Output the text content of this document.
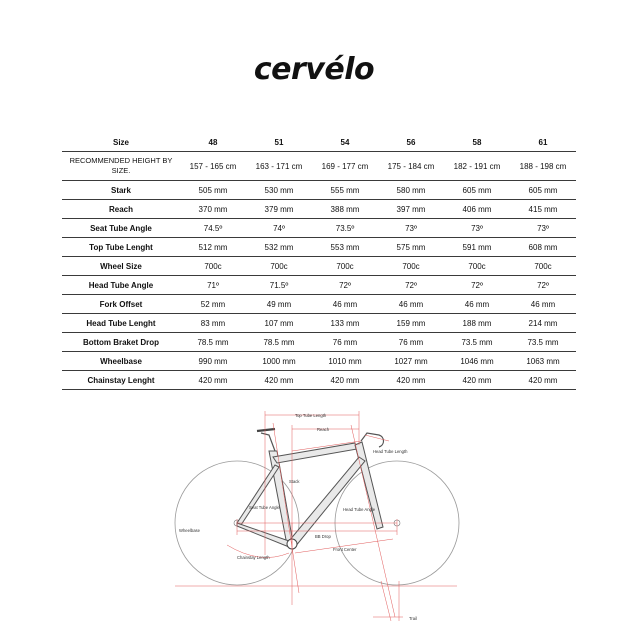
cervélo
Size	48	51	54	56	58	61
RECOMMENDED HEIGHT BY SIZE.	157 - 165 cm	163 - 171 cm	169 - 177 cm	175 - 184 cm	182 - 191 cm	188 - 198 cm
Stark	505 mm	530 mm	555 mm	580 mm	605 mm	605 mm
Reach	370 mm	379 mm	388 mm	397 mm	406 mm	415 mm
Seat Tube Angle	74.5º	74º	73.5º	73º	73º	73º
Top Tube Lenght	512 mm	532 mm	553 mm	575 mm	591 mm	608 mm
Wheel Size	700c	700c	700c	700c	700c	700c
Head Tube Angle	71º	71.5º	72º	72º	72º	72º
Fork Offset	52 mm	49 mm	46 mm	46 mm	46 mm	46 mm
Head Tube Lenght	83 mm	107 mm	133 mm	159 mm	188 mm	214 mm
Bottom Braket Drop	78.5 mm	78.5 mm	76 mm	76 mm	73.5 mm	73.5 mm
Wheelbase	990 mm	1000 mm	1010 mm	1027 mm	1046 mm	1063 mm
Chainstay Lenght	420 mm	420 mm	420 mm	420 mm	420 mm	420 mm
Top Tube Length
Reach
Head Tube Length
Stack
Seat Tube Angle	Head Tube Angle
Wheelbase
BB Drop
Chainstay Length
Front Center
Trail
